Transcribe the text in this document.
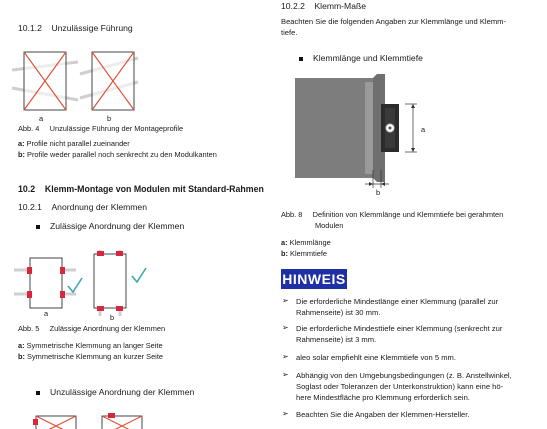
10.1.2    Unzulässige Führung
a	b
Abb. 4     Unzulässige Führung der Montageprofile
a: Profile nicht parallel zueinander
b: Profile weder parallel noch senkrecht zu den Modulkanten
10.2    Klemm-Montage von Modulen mit Standard-Rahmen
10.2.1    Anordnung der Klemmen
Zulässige Anordnung der Klemmen
a	b
Abb. 5     Zulässige Anordnung der Klemmen
a: Symmetrische Klemmung an langer Seite
b: Symmetrische Klemmung an kurzer Seite
Unzulässige Anordnung der Klemmen
10.2.2    Klemm-Maße
Beachten Sie die folgenden Angaben zur Klemmlänge und Klemm-
tiefe.
Klemmlänge und Klemmtiefe
a
b
Abb. 8     Definition von Klemmlänge und Klemmtiefe bei gerahmten
Modulen
a: Klemmlänge
b: Klemmtiefe
HINWEIS
➢ Die erforderliche Mindestlänge einer Klemmung (parallel zur
Rahmenseite) ist 30 mm.
➢ Die erforderliche Mindesttiefe einer Klemmung (senkrecht zur
Rahmenseite) ist 3 mm.
➢ aleo solar empfiehlt eine Klemmtiefe von 5 mm.
➢ Abhängig von den Umgebungsbedingungen (z. B. Anstellwinkel,
Soglast oder Toleranzen der Unterkonstruktion) kann eine hö-
here Mindestfläche pro Klemmung erforderlich sein.
➢ Beachten Sie die Angaben der Klemmen-Hersteller.
